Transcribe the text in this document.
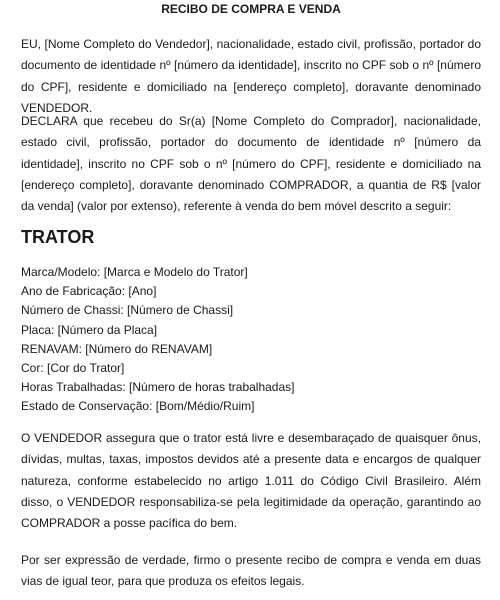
RECIBO DE COMPRA E VENDA

EU, [Nome Completo do Vendedor], nacionalidade, estado civil, profissão, portador do documento de identidade nº [número da identidade], inscrito no CPF sob o nº [número do CPF], residente e domiciliado na [endereço completo], doravante denominado VENDEDOR.

DECLARA que recebeu do Sr(a) [Nome Completo do Comprador], nacionalidade, estado civil, profissão, portador do documento de identidade nº [número da identidade], inscrito no CPF sob o nº [número do CPF], residente e domiciliado na [endereço completo], doravante denominado COMPRADOR, a quantia de R$ [valor da venda] (valor por extenso), referente à venda do bem móvel descrito a seguir:

TRATOR
Marca/Modelo: [Marca e Modelo do Trator]
Ano de Fabricação: [Ano]
Número de Chassi: [Número de Chassi]
Placa: [Número da Placa]
RENAVAM: [Número do RENAVAM]
Cor: [Cor do Trator]
Horas Trabalhadas: [Número de horas trabalhadas]
Estado de Conservação: [Bom/Médio/Ruim]

O VENDEDOR assegura que o trator está livre e desembaraçado de quaisquer ônus, dívidas, multas, taxas, impostos devidos até a presente data e encargos de qualquer natureza, conforme estabelecido no artigo 1.011 do Código Civil Brasileiro. Além disso, o VENDEDOR responsabiliza-se pela legitimidade da operação, garantindo ao COMPRADOR a posse pacífica do bem.

Por ser expressão de verdade, firmo o presente recibo de compra e venda em duas vias de igual teor, para que produza os efeitos legais.
